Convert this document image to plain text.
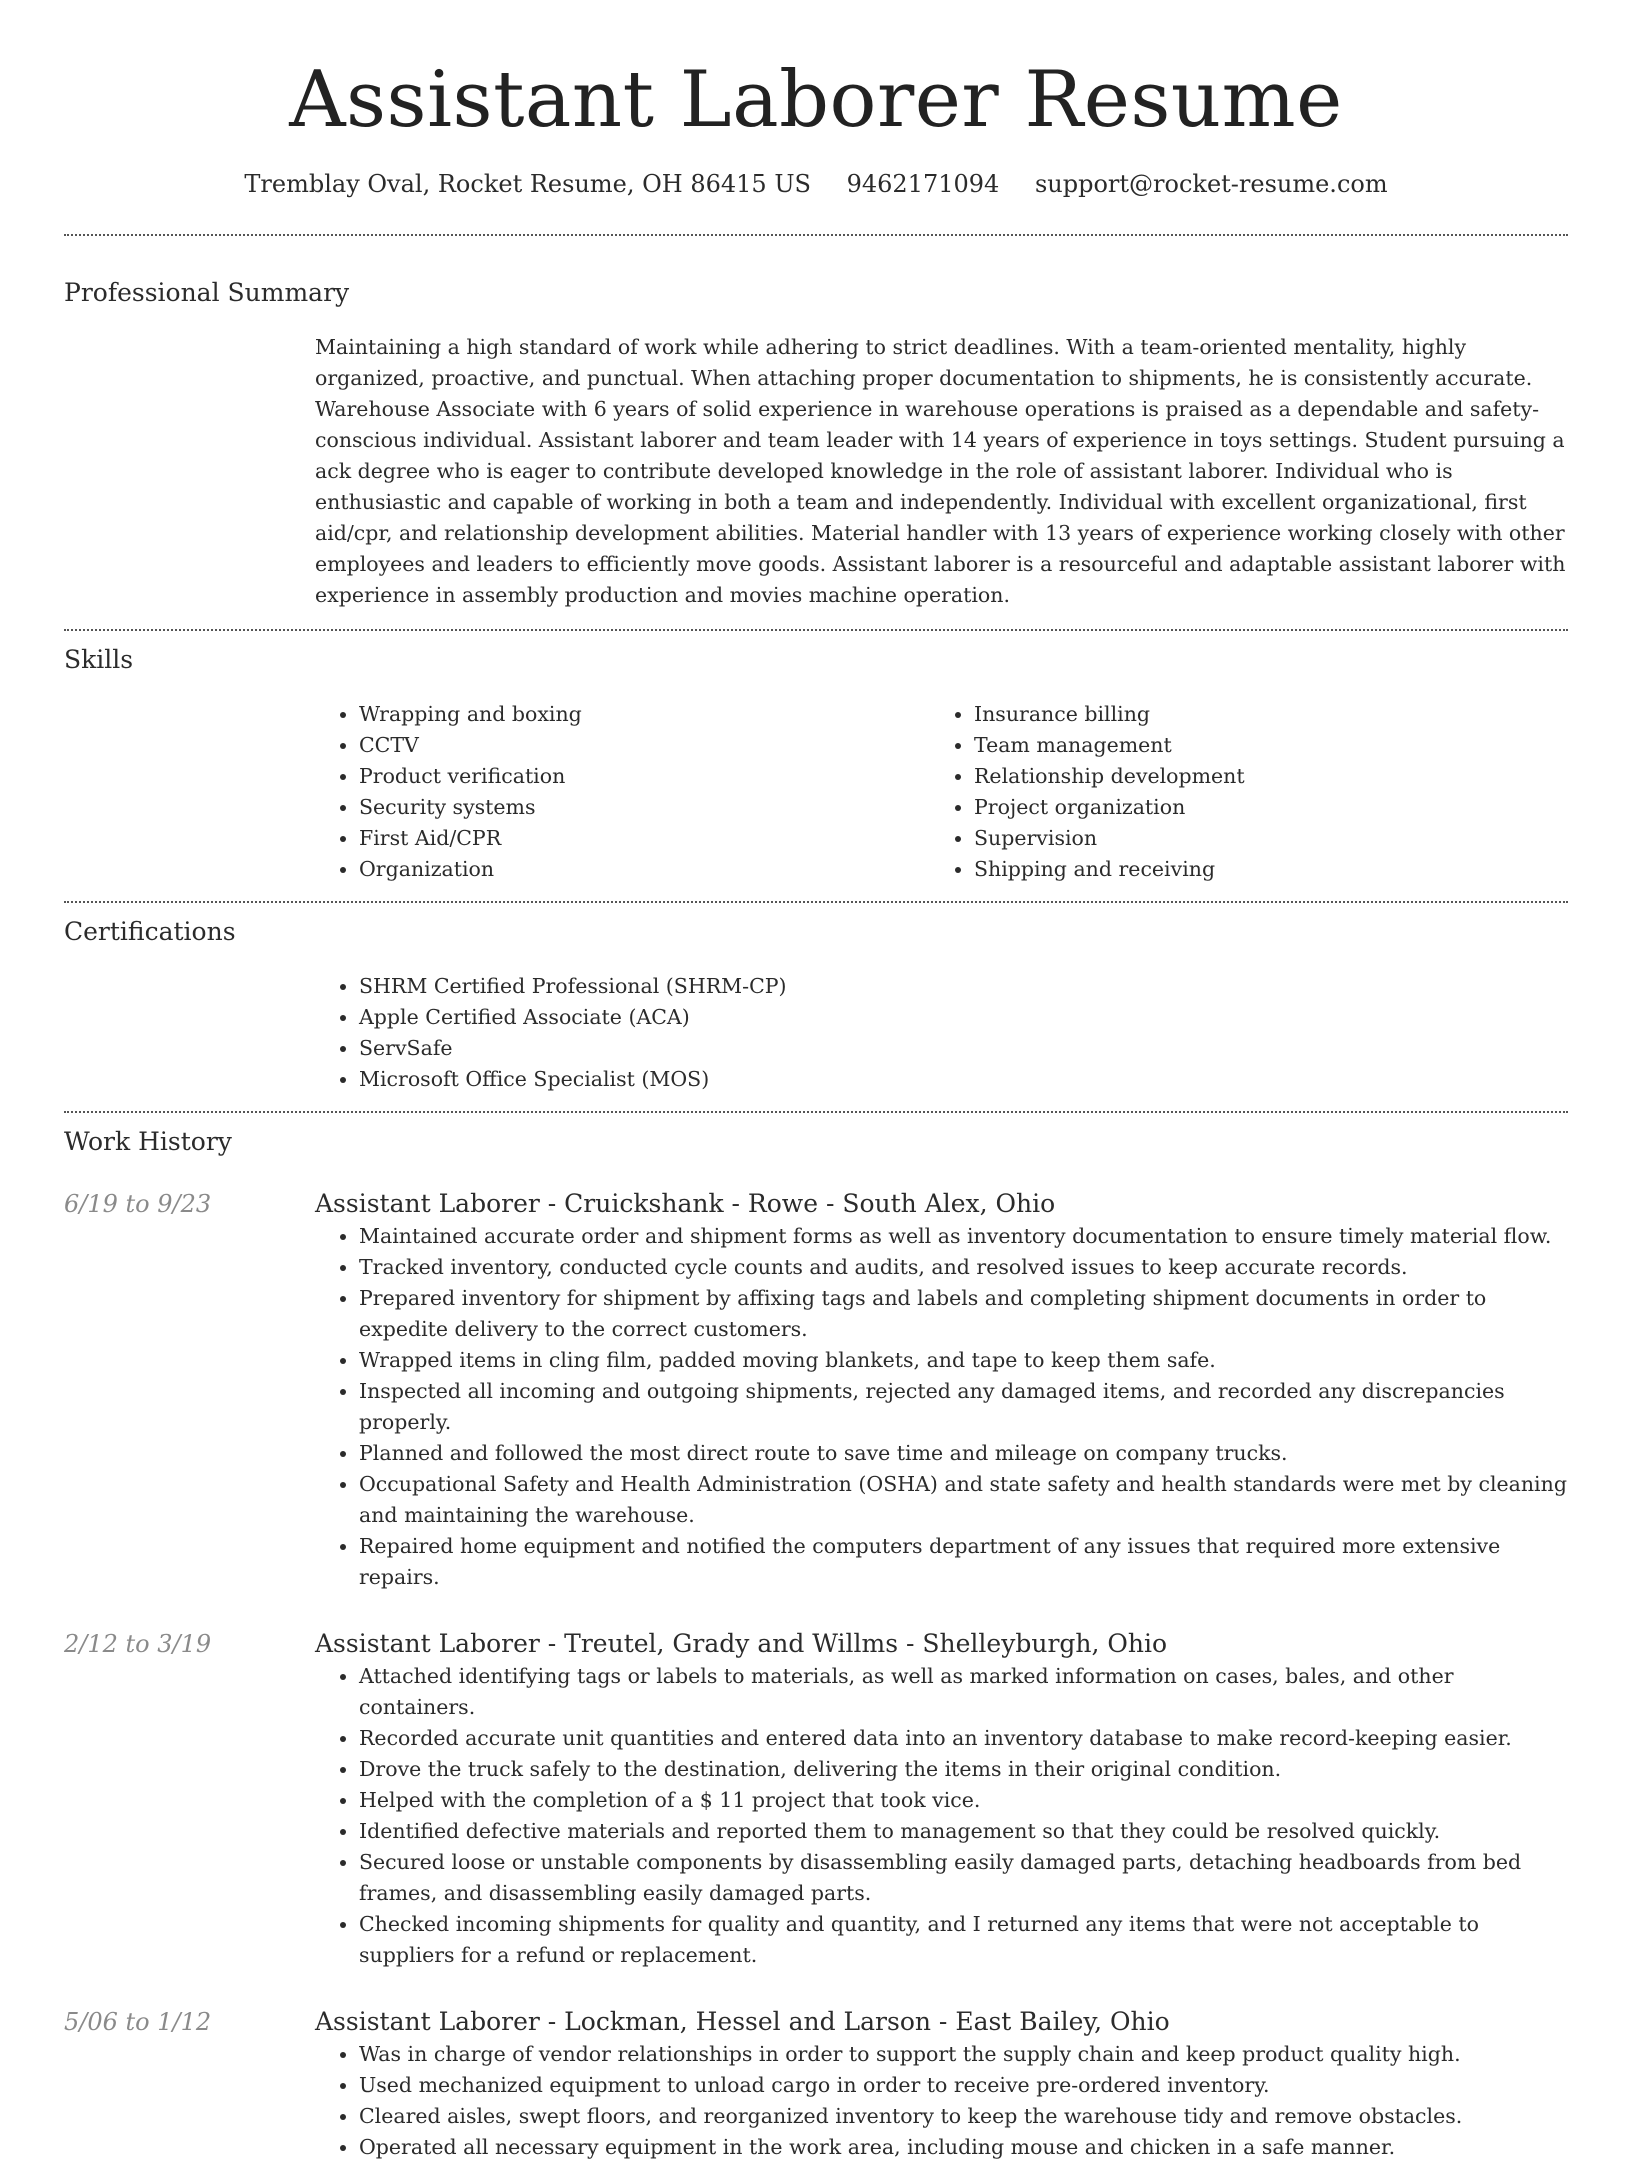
Assistant Laborer Resume
Tremblay Oval, Rocket Resume, OH 86415 US 9462171094 support@rocket-resume.com
Professional Summary

Maintaining a high standard of work while adhering to strict deadlines. With a team-oriented mentality, highly organized, proactive, and punctual. When attaching proper documentation to shipments, he is consistently accurate. Warehouse Associate with 6 years of solid experience in warehouse operations is praised as a dependable and safety-conscious individual. Assistant laborer and team leader with 14 years of experience in toys settings. Student pursuing a ack degree who is eager to contribute developed knowledge in the role of assistant laborer. Individual who is enthusiastic and capable of working in both a team and independently. Individual with excellent organizational, first aid/cpr, and relationship development abilities. Material handler with 13 years of experience working closely with other employees and leaders to efficiently move goods. Assistant laborer is a resourceful and adaptable assistant laborer with experience in assembly production and movies machine operation.

Skills
• Wrapping and boxing
• CCTV
• Product verification
• Security systems
• First Aid/CPR
• Organization
• Insurance billing
• Team management
• Relationship development
• Project organization
• Supervision
• Shipping and receiving
Certifications
• SHRM Certified Professional (SHRM-CP)
• Apple Certified Associate (ACA)
• ServSafe
• Microsoft Office Specialist (MOS)
Work History
6/19 to 9/23	Assistant Laborer - Cruickshank - Rowe - South Alex, Ohio
• Maintained accurate order and shipment forms as well as inventory documentation to ensure timely material flow.
• Tracked inventory, conducted cycle counts and audits, and resolved issues to keep accurate records.
• Prepared inventory for shipment by affixing tags and labels and completing shipment documents in order to expedite delivery to the correct customers.
• Wrapped items in cling film, padded moving blankets, and tape to keep them safe.
• Inspected all incoming and outgoing shipments, rejected any damaged items, and recorded any discrepancies properly.
• Planned and followed the most direct route to save time and mileage on company trucks.
• Occupational Safety and Health Administration (OSHA) and state safety and health standards were met by cleaning and maintaining the warehouse.
• Repaired home equipment and notified the computers department of any issues that required more extensive repairs.
2/12 to 3/19	Assistant Laborer - Treutel, Grady and Willms - Shelleyburgh, Ohio
• Attached identifying tags or labels to materials, as well as marked information on cases, bales, and other containers.
• Recorded accurate unit quantities and entered data into an inventory database to make record-keeping easier.
• Drove the truck safely to the destination, delivering the items in their original condition.
• Helped with the completion of a $ 11 project that took vice.
• Identified defective materials and reported them to management so that they could be resolved quickly.
• Secured loose or unstable components by disassembling easily damaged parts, detaching headboards from bed frames, and disassembling easily damaged parts.
• Checked incoming shipments for quality and quantity, and I returned any items that were not acceptable to suppliers for a refund or replacement.
5/06 to 1/12	Assistant Laborer - Lockman, Hessel and Larson - East Bailey, Ohio
• Was in charge of vendor relationships in order to support the supply chain and keep product quality high.
• Used mechanized equipment to unload cargo in order to receive pre-ordered inventory.
• Cleared aisles, swept floors, and reorganized inventory to keep the warehouse tidy and remove obstacles.
• Operated all necessary equipment in the work area, including mouse and chicken in a safe manner.
